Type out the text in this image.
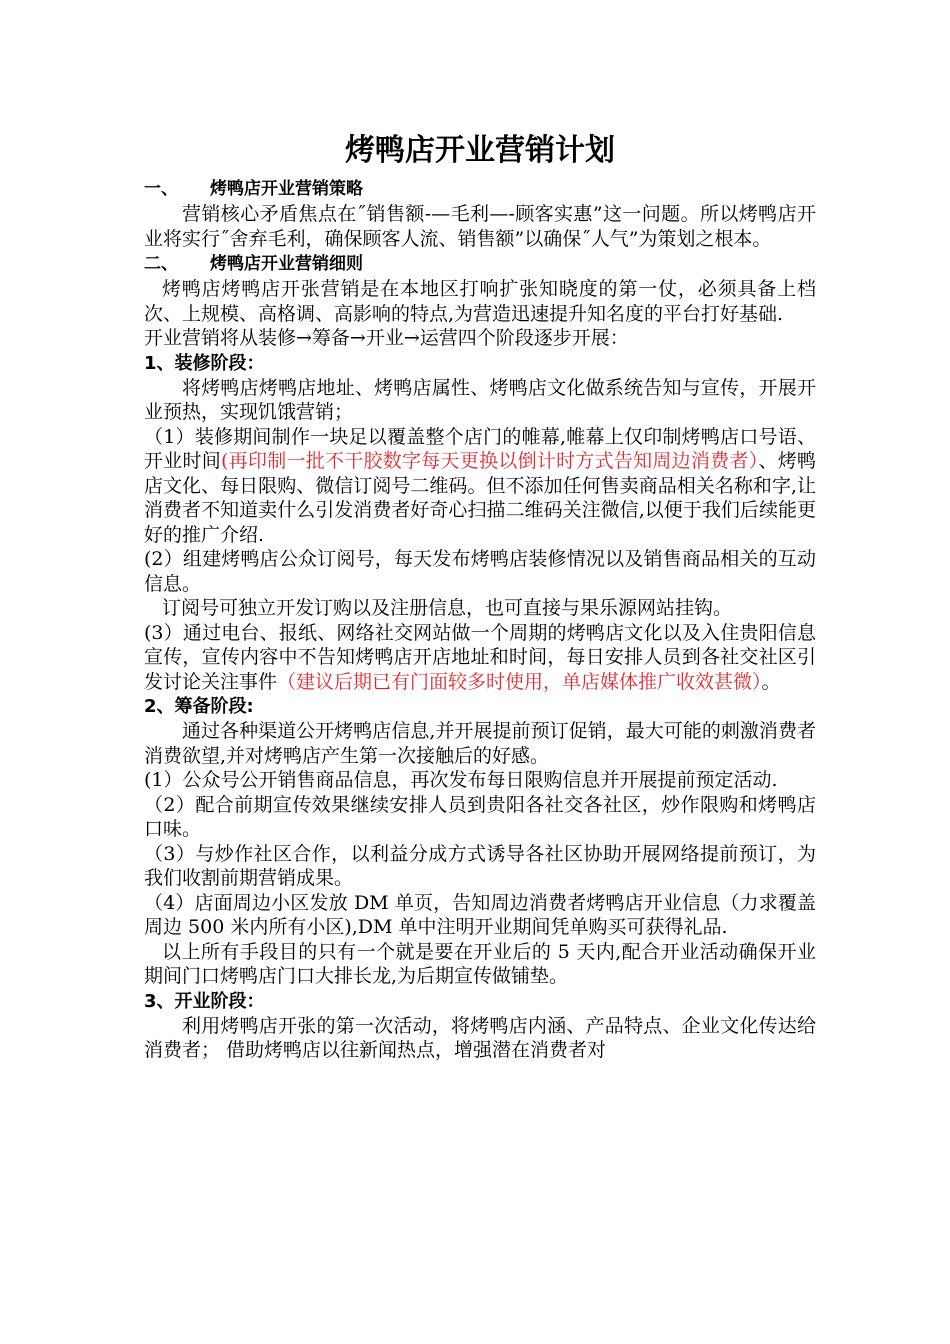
烤鸭店开业营销计划

一、 烤鸭店开业营销策略

营销核心矛盾焦点在˝销售额-—毛利—-顾客实惠”这一问题。所以烤鸭店开业将实行˝舍弃毛利，确保顾客人流、销售额”以确保˝人气”为策划之根本。

二、 烤鸭店开业营销细则

烤鸭店烤鸭店开张营销是在本地区打响扩张知晓度的第一仗，必须具备上档次、上规模、高格调、高影响的特点,为营造迅速提升知名度的平台打好基础.

开业营销将从装修→筹备→开业→运营四个阶段逐步开展：

1、装修阶段：

将烤鸭店烤鸭店地址、烤鸭店属性、烤鸭店文化做系统告知与宣传，开展开业预热，实现饥饿营销；

（1）装修期间制作一块足以覆盖整个店门的帷幕,帷幕上仅印制烤鸭店口号语、开业时间(再印制一批不干胶数字每天更换以倒计时方式告知周边消费者）、烤鸭店文化、每日限购、微信订阅号二维码。但不添加任何售卖商品相关名称和字,让消费者不知道卖什么引发消费者好奇心扫描二维码关注微信,以便于我们后续能更好的推广介绍.

(2）组建烤鸭店公众订阅号，每天发布烤鸭店装修情况以及销售商品相关的互动信息。

订阅号可独立开发订购以及注册信息，也可直接与果乐源网站挂钩。

(3）通过电台、报纸、网络社交网站做一个周期的烤鸭店文化以及入住贵阳信息宣传，宣传内容中不告知烤鸭店开店地址和时间，每日安排人员到各社交社区引发讨论关注事件（建议后期已有门面较多时使用，单店媒体推广收效甚微）。

2、筹备阶段:

通过各种渠道公开烤鸭店信息,并开展提前预订促销，最大可能的刺激消费者消费欲望,并对烤鸭店产生第一次接触后的好感。

(1）公众号公开销售商品信息，再次发布每日限购信息并开展提前预定活动.

（2）配合前期宣传效果继续安排人员到贵阳各社交各社区，炒作限购和烤鸭店口味。

（3）与炒作社区合作，以利益分成方式诱导各社区协助开展网络提前预订，为我们收割前期营销成果。

（4）店面周边小区发放 DM 单页，告知周边消费者烤鸭店开业信息（力求覆盖周边 500 米内所有小区),DM 单中注明开业期间凭单购买可获得礼品.

以上所有手段目的只有一个就是要在开业后的 5 天内,配合开业活动确保开业期间门口烤鸭店门口大排长龙,为后期宣传做铺垫。

3、开业阶段：

利用烤鸭店开张的第一次活动，将烤鸭店内涵、产品特点、企业文化传达给消费者； 借助烤鸭店以往新闻热点，增强潜在消费者对
